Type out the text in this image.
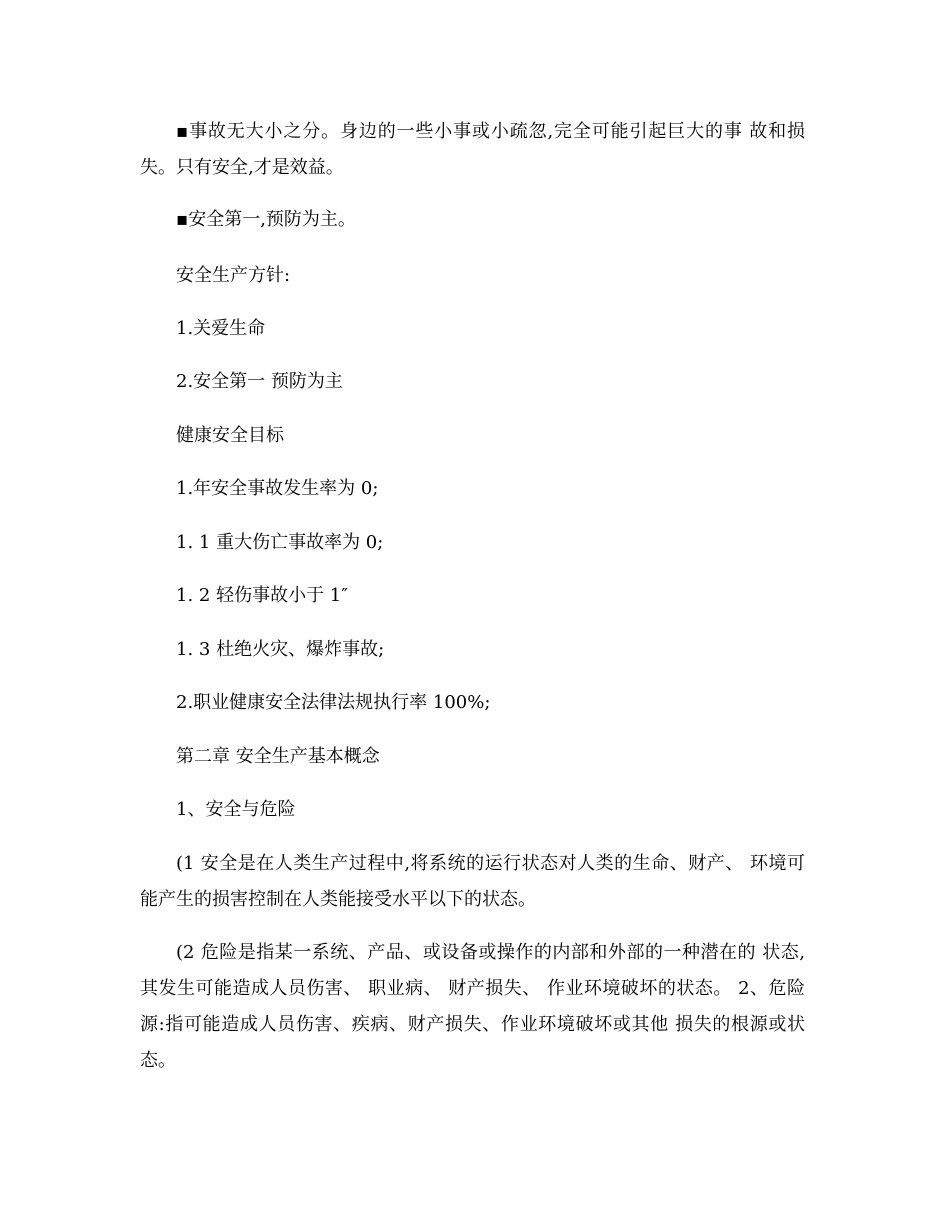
▪事故无大小之分。身边的一些小事或小疏忽,完全可能引起巨大的事 故和损失。只有安全,才是效益。

▪安全第一,预防为主。

安全生产方针:

1.关爱生命

2.安全第一 预防为主

健康安全目标

1.年安全事故发生率为 0;

1. 1 重大伤亡事故率为 0;

1. 2 轻伤事故小于 1″

1. 3 杜绝火灾、爆炸事故;

2.职业健康安全法律法规执行率 100%;

第二章 安全生产基本概念

1、安全与危险

(1 安全是在人类生产过程中,将系统的运行状态对人类的生命、财产、 环境可能产生的损害控制在人类能接受水平以下的状态。

(2 危险是指某一系统、产品、或设备或操作的内部和外部的一种潜在的 状态,其发生可能造成人员伤害、 职业病、 财产损失、 作业环境破坏的状态。 2、危险源:指可能造成人员伤害、疾病、财产损失、作业环境破坏或其他 损失的根源或状态。
